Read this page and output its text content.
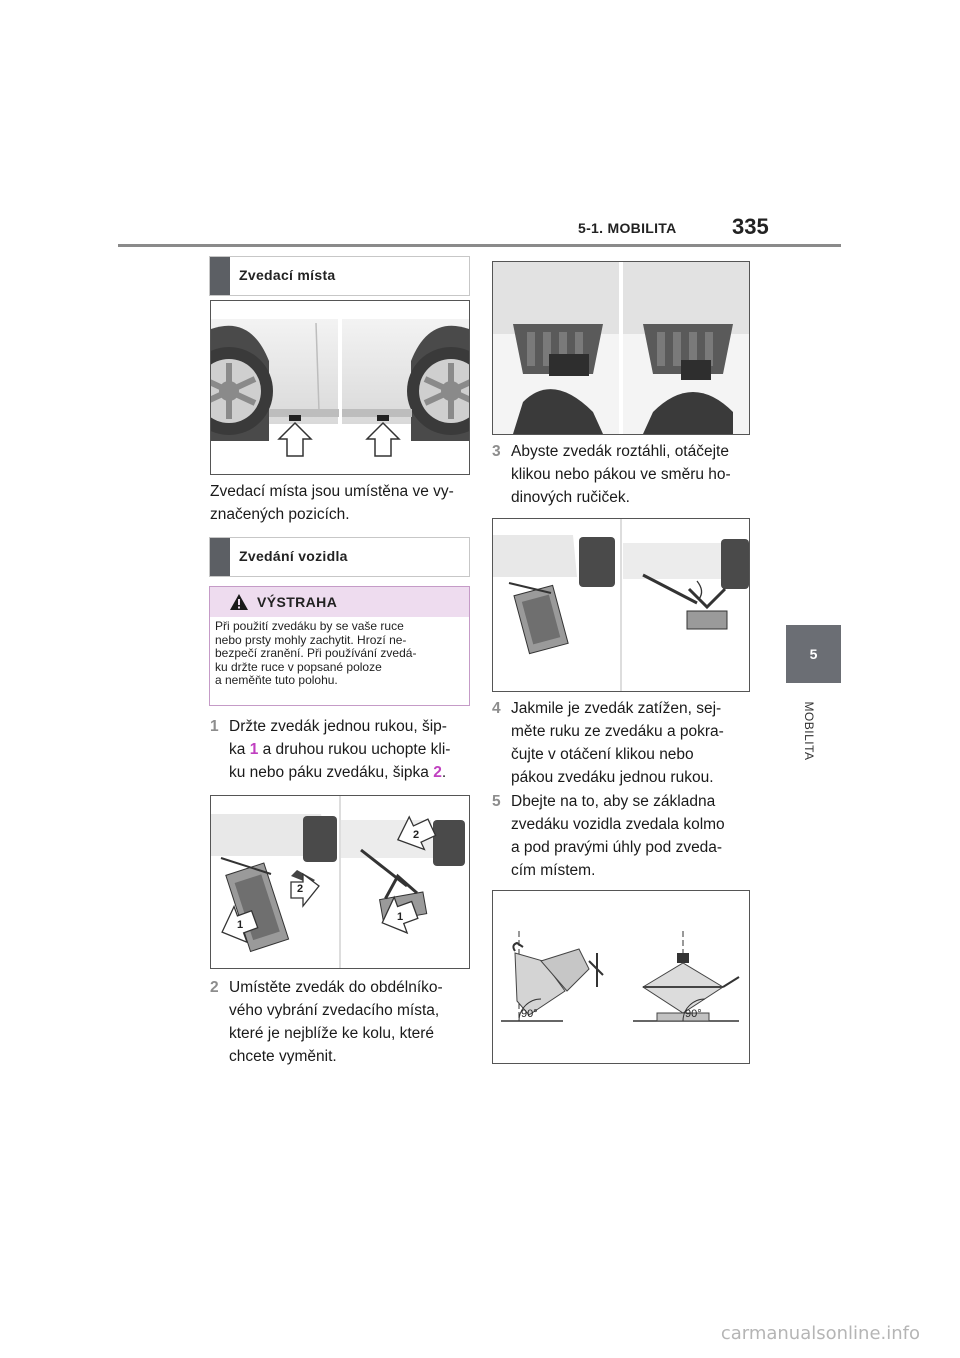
5-1. MOBILITA	335
5
MOBILITA
Zvedací místa
Zvedací místa jsou umístěna ve vy-
značených pozicích.
Zvedání vozidla
VÝSTRAHA
Při použití zvedáku by se vaše ruce
nebo prsty mohly zachytit. Hrozí ne-
bezpečí zranění. Při používání zvedá-
ku držte ruce v popsané poloze
a neměňte tuto polohu.
1 Držte zvedák jednou rukou, šip-
ka 1 a druhou rukou uchopte kli-
ku nebo páku zvedáku, šipka 2.
1
2
1
2
2 Umístěte zvedák do obdélníko-
vého vybrání zvedacího místa,
které je nejblíže ke kolu, které
chcete vyměnit.
3 Abyste zvedák roztáhli, otáčejte
klikou nebo pákou ve směru ho-
dinových ručiček.
4 Jakmile je zvedák zatížen, sej-
měte ruku ze zvedáku a pokra-
čujte v otáčení klikou nebo
pákou zvedáku jednou rukou.
5 Dbejte na to, aby se základna
zvedáku vozidla zvedala kolmo
a pod pravými úhly pod zveda-
cím místem.
90°	90°
carmanualsonline.info
